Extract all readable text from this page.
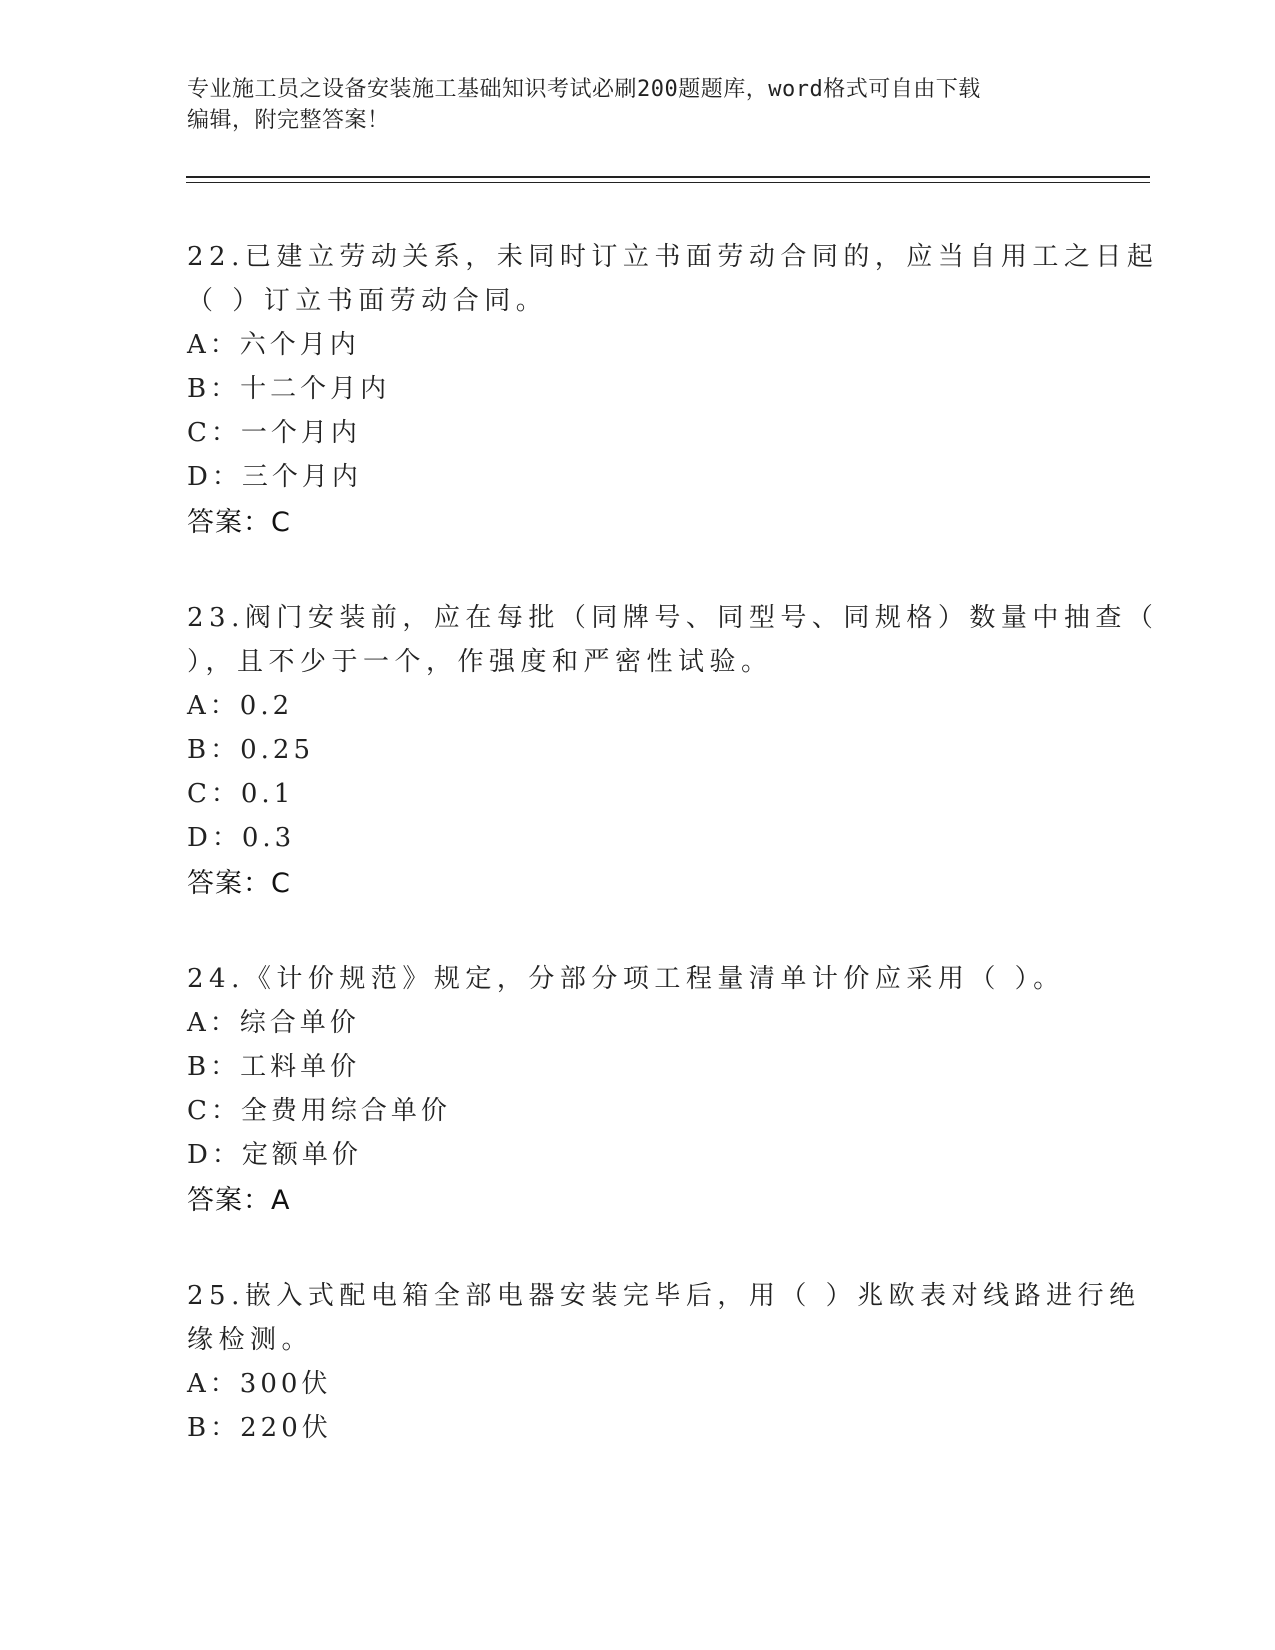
专业施工员之设备安装施工基础知识考试必刷200题题库，word格式可自由下载
编辑，附完整答案！
22.已建立劳动关系，未同时订立书面劳动合同的，应当自用工之日起
（ ）订立书面劳动合同。
A：六个月内
B：十二个月内
C：一个月内
D：三个月内
答案：C
23.阀门安装前，应在每批（同牌号、同型号、同规格）数量中抽查（
），且不少于一个，作强度和严密性试验。
A：0.2
B：0.25
C：0.1
D：0.3
答案：C
24.《计价规范》规定，分部分项工程量清单计价应采用（ ）。
A：综合单价
B：工料单价
C：全费用综合单价
D：定额单价
答案：A
25.嵌入式配电箱全部电器安装完毕后，用（ ）兆欧表对线路进行绝
缘检测。
A：300伏
B：220伏
